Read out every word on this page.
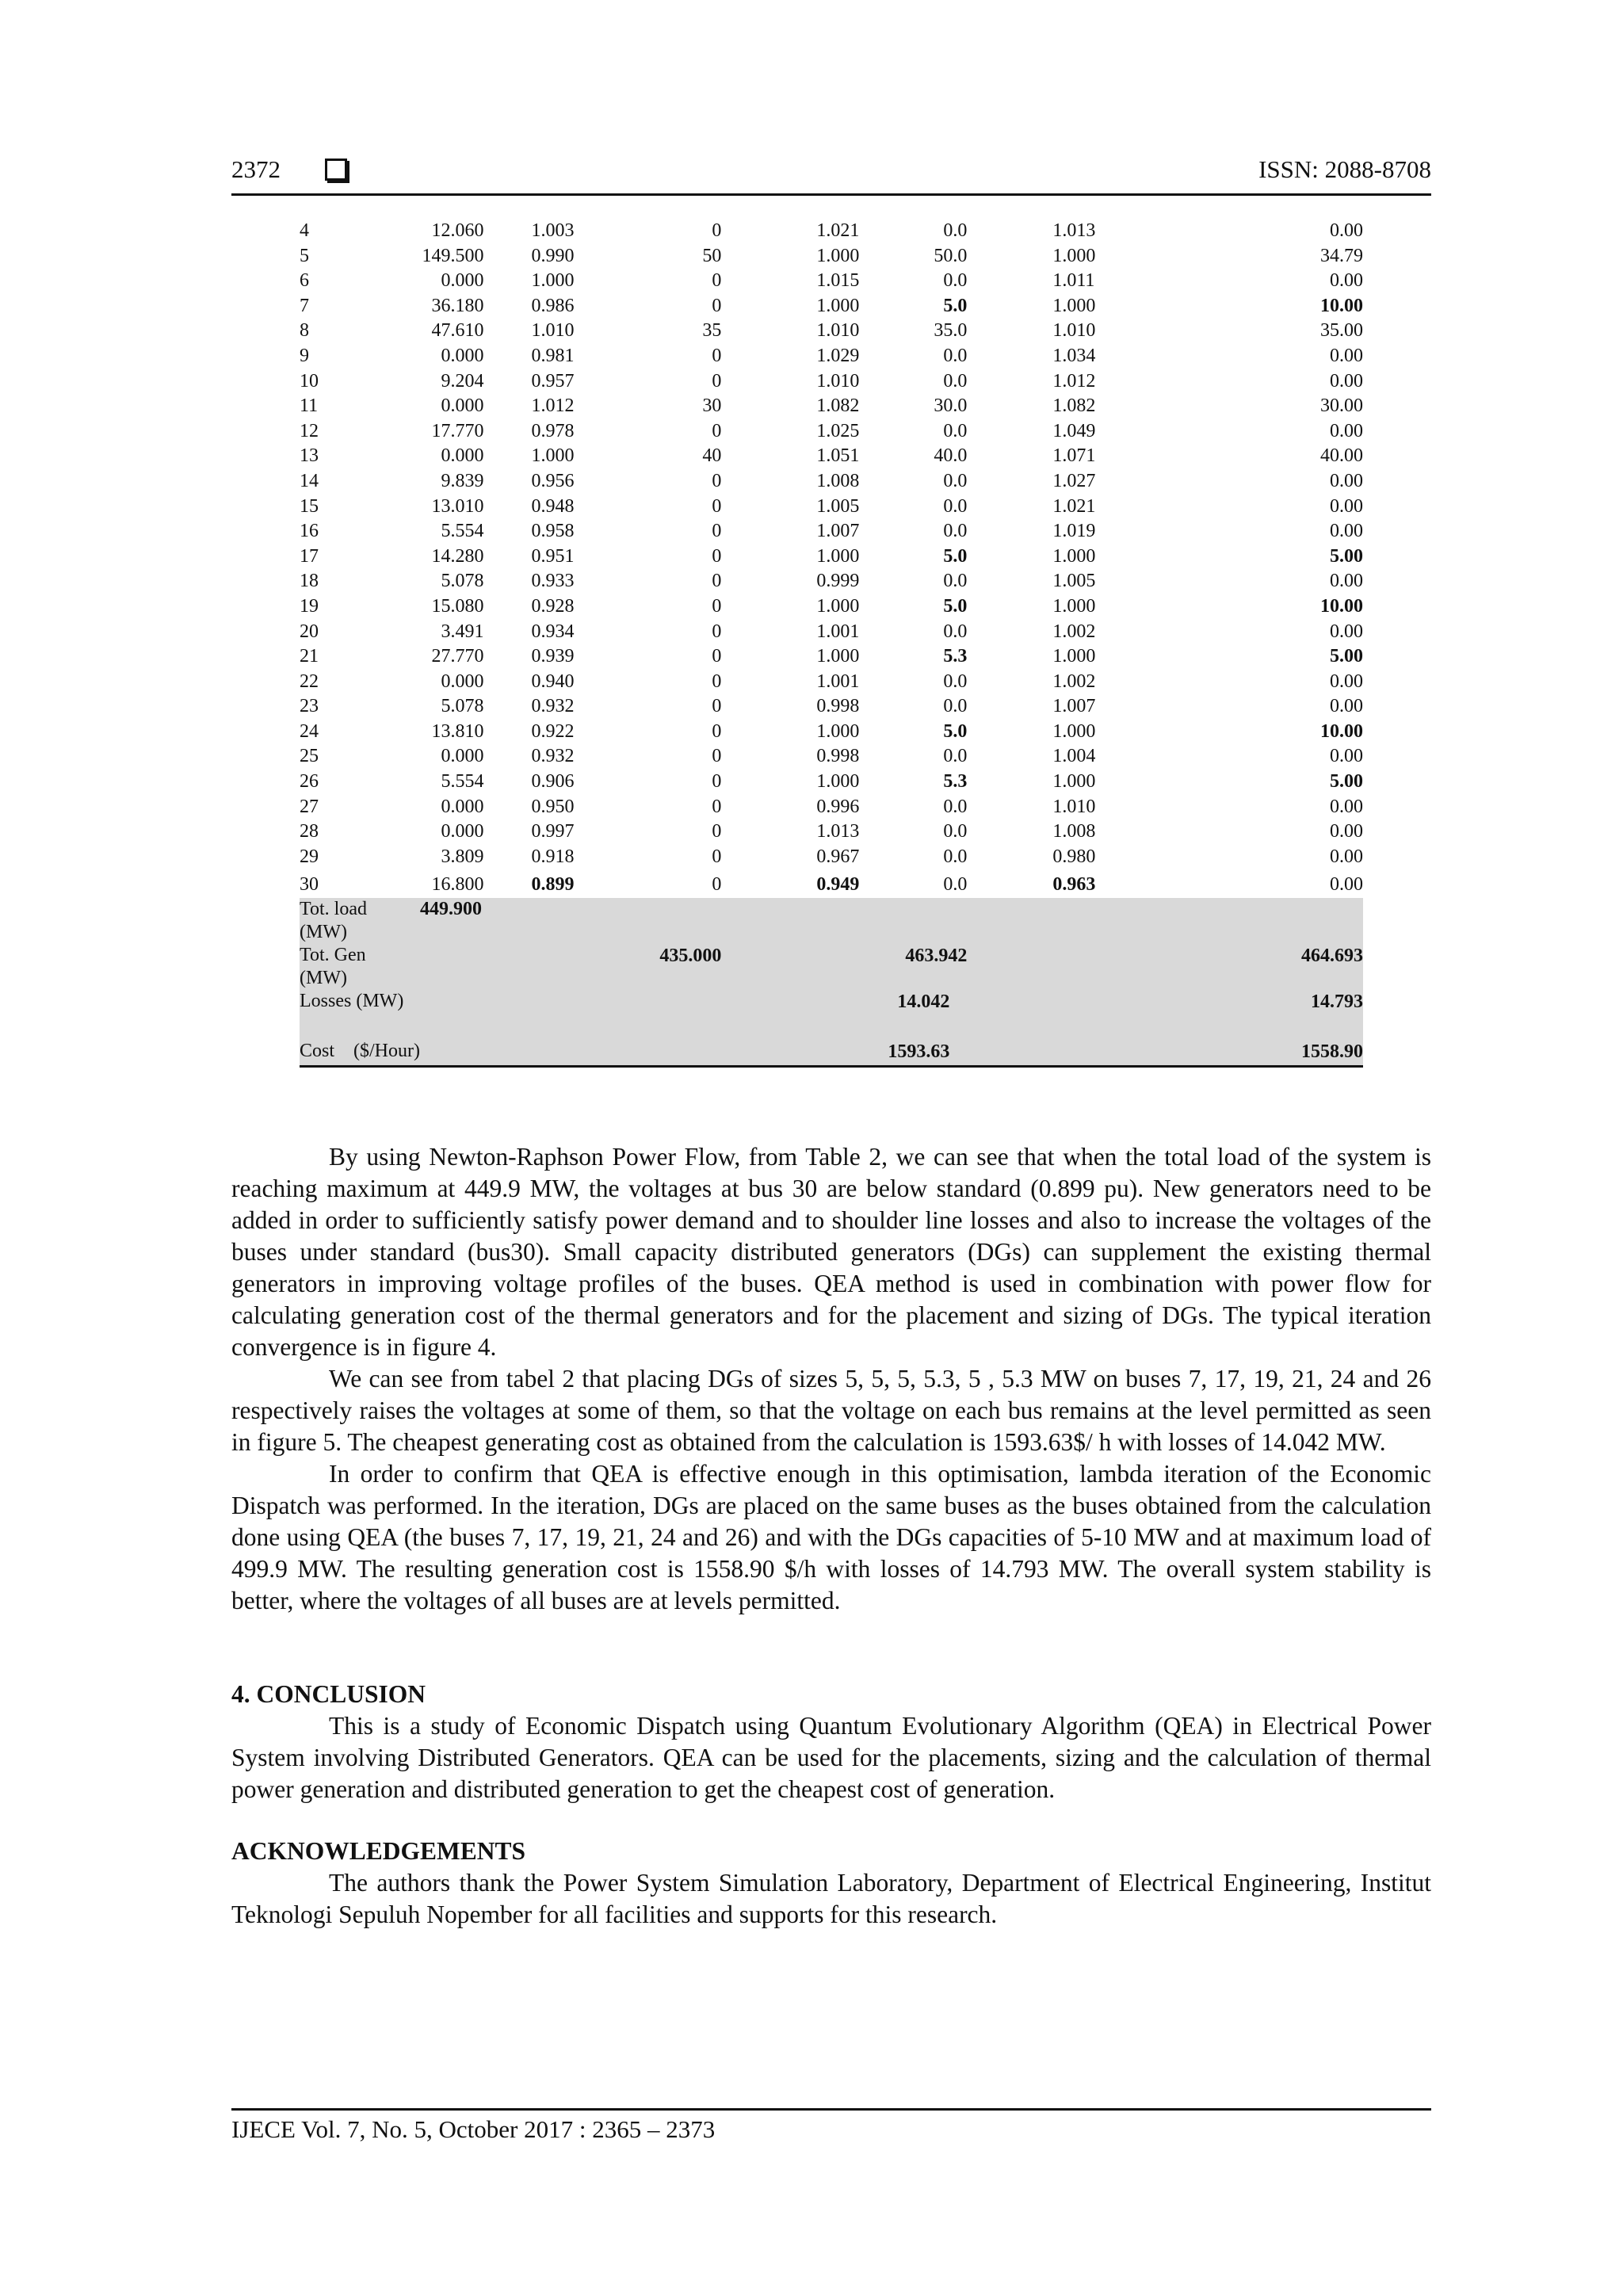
2372	ISSN: 2088-8708
4	12.060	1.003	0	1.021	0.0	1.013	0.00
5	149.500	0.990	50	1.000	50.0	1.000	34.79
6	0.000	1.000	0	1.015	0.0	1.011	0.00
7	36.180	0.986	0	1.000	5.0	1.000	10.00
8	47.610	1.010	35	1.010	35.0	1.010	35.00
9	0.000	0.981	0	1.029	0.0	1.034	0.00
10	9.204	0.957	0	1.010	0.0	1.012	0.00
11	0.000	1.012	30	1.082	30.0	1.082	30.00
12	17.770	0.978	0	1.025	0.0	1.049	0.00
13	0.000	1.000	40	1.051	40.0	1.071	40.00
14	9.839	0.956	0	1.008	0.0	1.027	0.00
15	13.010	0.948	0	1.005	0.0	1.021	0.00
16	5.554	0.958	0	1.007	0.0	1.019	0.00
17	14.280	0.951	0	1.000	5.0	1.000	5.00
18	5.078	0.933	0	0.999	0.0	1.005	0.00
19	15.080	0.928	0	1.000	5.0	1.000	10.00
20	3.491	0.934	0	1.001	0.0	1.002	0.00
21	27.770	0.939	0	1.000	5.3	1.000	5.00
22	0.000	0.940	0	1.001	0.0	1.002	0.00
23	5.078	0.932	0	0.998	0.0	1.007	0.00
24	13.810	0.922	0	1.000	5.0	1.000	10.00
25	0.000	0.932	0	0.998	0.0	1.004	0.00
26	5.554	0.906	0	1.000	5.3	1.000	5.00
27	0.000	0.950	0	0.996	0.0	1.010	0.00
28	0.000	0.997	0	1.013	0.0	1.008	0.00
29	3.809	0.918	0	0.967	0.0	0.980	0.00
30	16.800	0.899	0	0.949	0.0	0.963	0.00

Tot. load 449.900
(MW)							

Tot. Gen
(MW)		435.000		463.942		464.693	
Losses (MW)			14.042			14.793	
Cost    ($/Hour)			1593.63			1558.90	

By using Newton-Raphson Power Flow, from Table 2, we can see that when the total load of the system is reaching maximum at 449.9 MW, the voltages at bus 30 are below standard (0.899 pu). New generators need to be added in order to sufficiently satisfy power demand and to shoulder line losses and also to increase the voltages of the buses under standard (bus30). Small capacity distributed generators (DGs) can supplement the existing thermal generators in improving voltage profiles of the buses. QEA method is used in combination with power flow for calculating generation cost of the thermal generators and for the placement and sizing of DGs. The typical iteration convergence is in figure 4.

We can see from tabel 2 that placing DGs of sizes 5, 5, 5, 5.3, 5 , 5.3 MW on buses 7, 17, 19, 21, 24 and 26 respectively raises the voltages at some of them, so that the voltage on each bus remains at the level permitted as seen in figure 5. The cheapest generating cost as obtained from the calculation is 1593.63$/ h with losses of 14.042 MW.

In order to confirm that QEA is effective enough in this optimisation, lambda iteration of the Economic Dispatch was performed. In the iteration, DGs are placed on the same buses as the buses obtained from the calculation done using QEA (the buses 7, 17, 19, 21, 24 and 26) and with the DGs capacities of 5-10 MW and at maximum load of 499.9 MW. The resulting generation cost is 1558.90 $/h with losses of 14.793 MW. The overall system stability is better, where the voltages of all buses are at levels permitted.

4. CONCLUSION

This is a study of Economic Dispatch using Quantum Evolutionary Algorithm (QEA) in Electrical Power System involving Distributed Generators. QEA can be used for the placements, sizing and the calculation of thermal power generation and distributed generation to get the cheapest cost of generation.

ACKNOWLEDGEMENTS

The authors thank the Power System Simulation Laboratory, Department of Electrical Engineering, Institut Teknologi Sepuluh Nopember for all facilities and supports for this research.

IJECE Vol. 7, No. 5, October 2017 : 2365 – 2373
